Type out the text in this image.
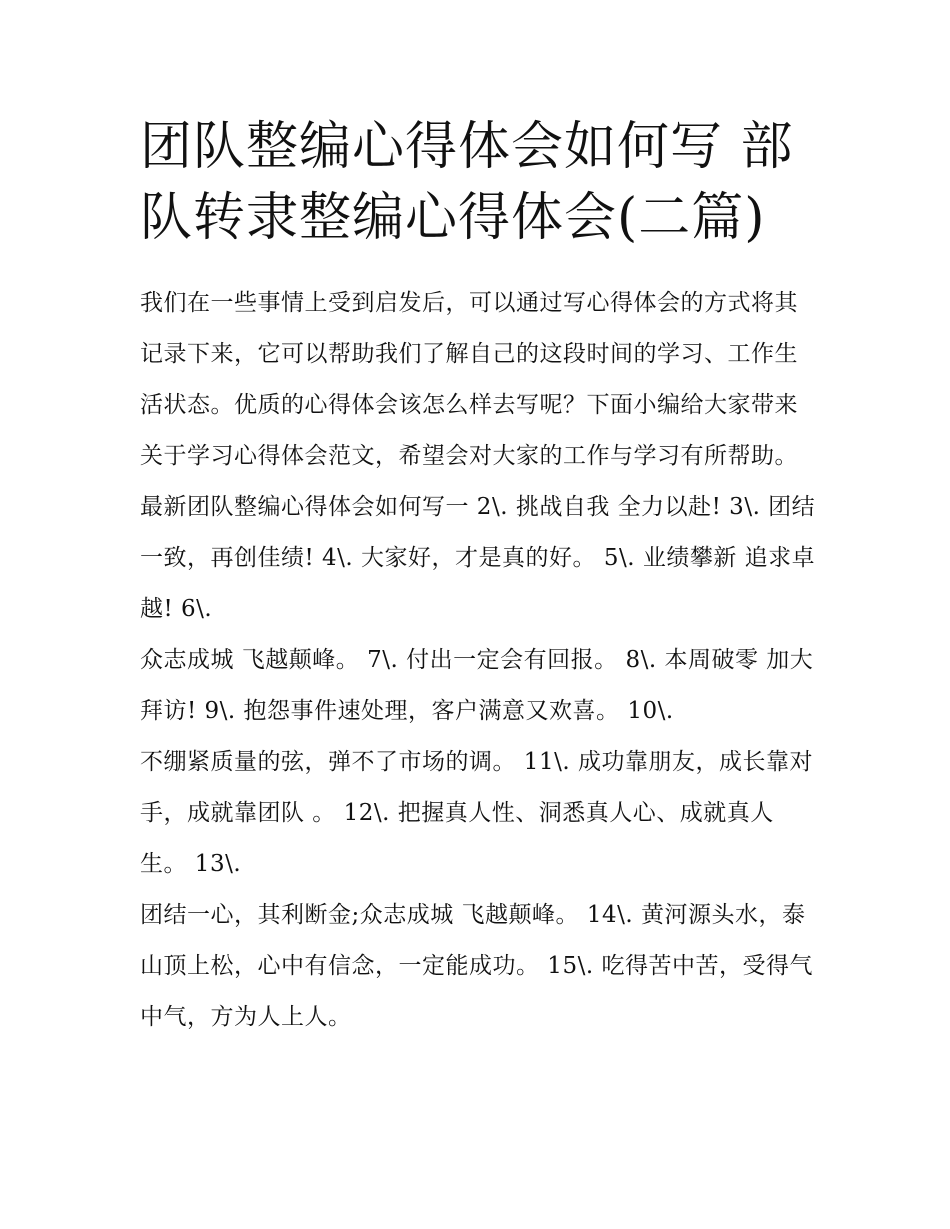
团队整编心得体会如何写 部队转隶整编心得体会(二篇)

我们在一些事情上受到启发后，可以通过写心得体会的方式将其记录下来，它可以帮助我们了解自己的这段时间的学习、工作生活状态。优质的心得体会该怎么样去写呢？下面小编给大家带来关于学习心得体会范文，希望会对大家的工作与学习有所帮助。

最新团队整编心得体会如何写一 2\. 挑战自我 全力以赴! 3\. 团结一致，再创佳绩! 4\. 大家好，才是真的好。 5\. 业绩攀新 追求卓越! 6\.

众志成城 飞越颠峰。 7\. 付出一定会有回报。 8\. 本周破零 加大拜访! 9\. 抱怨事件速处理，客户满意又欢喜。 10\.

不绷紧质量的弦，弹不了市场的调。 11\. 成功靠朋友，成长靠对手，成就靠团队 。 12\. 把握真人性、洞悉真人心、成就真人生。 13\.

团结一心，其利断金;众志成城 飞越颠峰。 14\. 黄河源头水，泰山顶上松，心中有信念，一定能成功。 15\. 吃得苦中苦，受得气中气，方为人上人。
